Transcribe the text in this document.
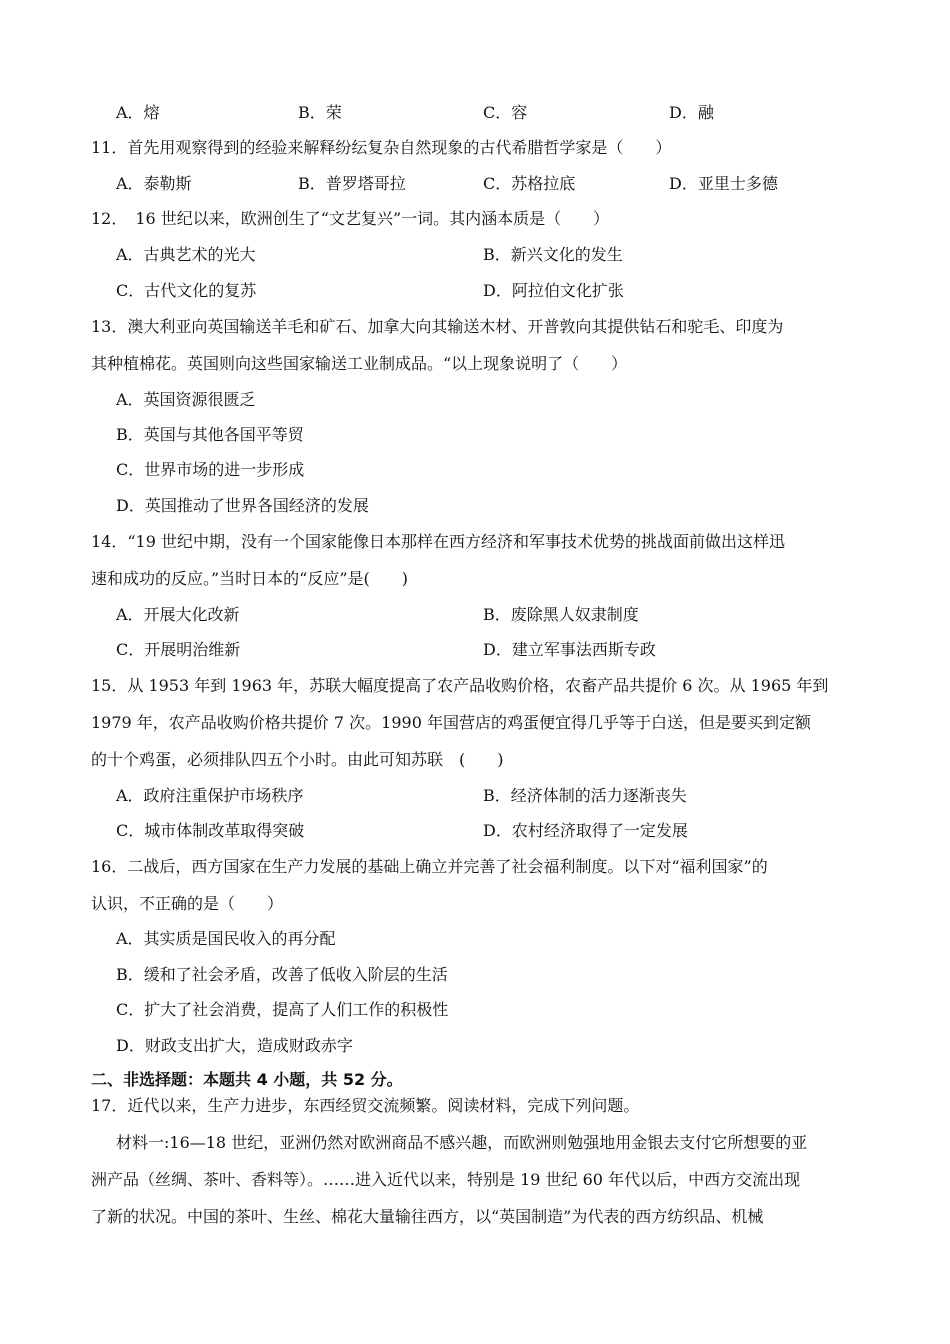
A．熔	B．荣	C．容	D．融
11．首先用观察得到的经验来解释纷纭复杂自然现象的古代希腊哲学家是（　　）
A．泰勒斯	B．普罗塔哥拉	C．苏格拉底	D．亚里士多德
12．　16 世纪以来，欧洲创生了“文艺复兴”一词。其内涵本质是（　　）
A．古典艺术的光大	B．新兴文化的发生
C．古代文化的复苏	D．阿拉伯文化扩张
13．澳大利亚向英国输送羊毛和矿石、加拿大向其输送木材、开普敦向其提供钻石和驼毛、印度为
其种植棉花。英国则向这些国家输送工业制成品。“以上现象说明了（　　）
A．英国资源很匮乏
B．英国与其他各国平等贸
C．世界市场的进一步形成
D．英国推动了世界各国经济的发展
14．“19 世纪中期，没有一个国家能像日本那样在西方经济和军事技术优势的挑战面前做出这样迅
速和成功的反应。”当时日本的“反应”是(　　)
A．开展大化改新	B．废除黑人奴隶制度
C．开展明治维新	D．建立军事法西斯专政
15．从 1953 年到 1963 年，苏联大幅度提高了农产品收购价格，农畜产品共提价 6 次。从 1965 年到
1979 年，农产品收购价格共提价 7 次。1990 年国营店的鸡蛋便宜得几乎等于白送，但是要买到定额
的十个鸡蛋，必须排队四五个小时。由此可知苏联　(　　)
A．政府注重保护市场秩序	B．经济体制的活力逐渐丧失
C．城市体制改革取得突破	D．农村经济取得了一定发展
16．二战后，西方国家在生产力发展的基础上确立并完善了社会福利制度。以下对“福利国家”的
认识，不正确的是（　　）
A．其实质是国民收入的再分配
B．缓和了社会矛盾，改善了低收入阶层的生活
C．扩大了社会消费，提高了人们工作的积极性
D．财政支出扩大，造成财政赤字
二、非选择题：本题共 4 小题，共 52 分。
17．近代以来，生产力进步，东西经贸交流频繁。阅读材料，完成下列问题。
材料一:16—18 世纪，亚洲仍然对欧洲商品不感兴趣，而欧洲则勉强地用金银去支付它所想要的亚
洲产品（丝绸、茶叶、香料等）。……进入近代以来，特别是 19 世纪 60 年代以后，中西方交流出现
了新的状况。中国的茶叶、生丝、棉花大量输往西方，以“英国制造”为代表的西方纺织品、机械
